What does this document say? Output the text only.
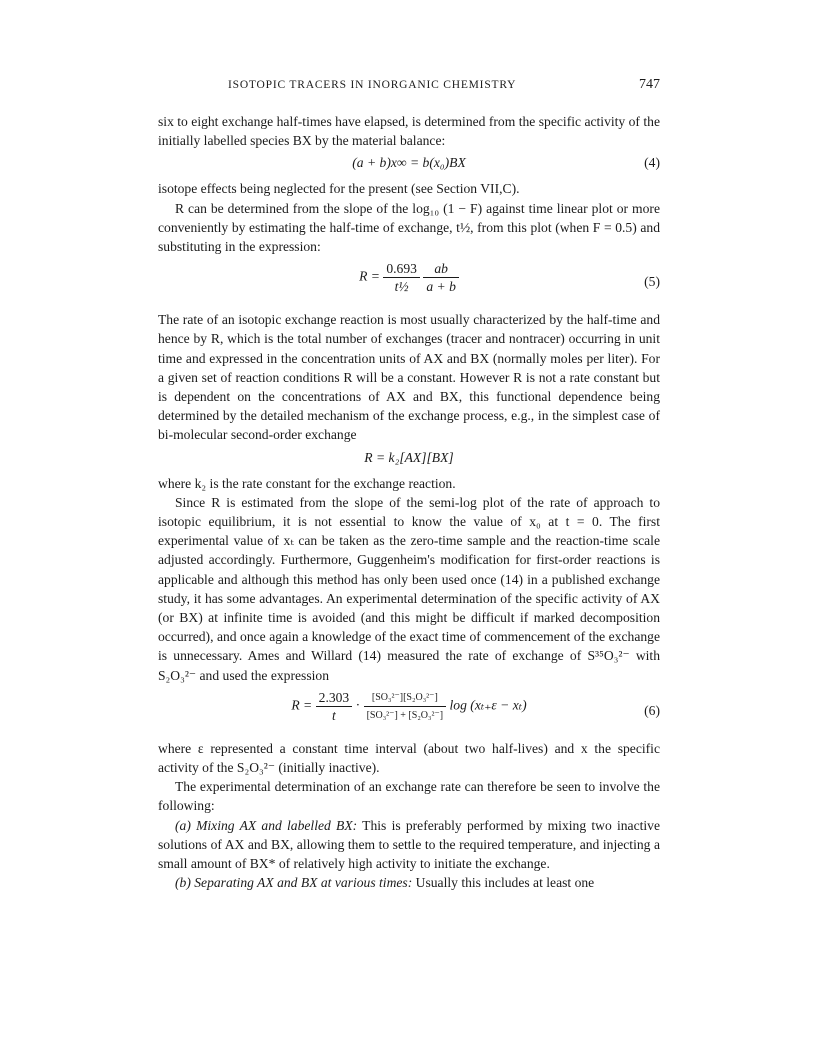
ISOTOPIC TRACERS IN INORGANIC CHEMISTRY	747

six to eight exchange half-times have elapsed, is determined from the specific activity of the initially labelled species BX by the material balance:

(a + b)x∞ = b(x₀)BX	(4)

isotope effects being neglected for the present (see Section VII,C).

R can be determined from the slope of the log₁₀ (1 − F) against time linear plot or more conveniently by estimating the half-time of exchange, t½, from this plot (when F = 0.5) and substituting in the expression:

$R = \frac{0.693}{\text{t½}}$
$\frac{ab}{a + b}$	(5)

The rate of an isotopic exchange reaction is most usually characterized by the half-time and hence by R, which is the total number of exchanges (tracer and nontracer) occurring in unit time and expressed in the concentration units of AX and BX (normally moles per liter). For a given set of reaction conditions R will be a constant. However R is not a rate constant but is dependent on the concentrations of AX and BX, this functional dependence being determined by the detailed mechanism of the exchange process, e.g., in the simplest case of bi-molecular second-order exchange

R = k₂[AX][BX]

where k₂ is the rate constant for the exchange reaction.

Since R is estimated from the slope of the semi-log plot of the rate of approach to isotopic equilibrium, it is not essential to know the value of x₀ at t = 0. The first experimental value of xₜ can be taken as the zero-time sample and the reaction-time scale adjusted accordingly. Furthermore, Guggenheim's modification for first-order reactions is applicable and although this method has only been used once (14) in a published exchange study, it has some advantages. An experimental determination of the specific activity of AX (or BX) at infinite time is avoided (and this might be difficult if marked decomposition occurred), and once again a knowledge of the exact time of commencement of the exchange is unnecessary. Ames and Willard (14) measured the rate of exchange of S³⁵O₃²⁻ with S₂O₃²⁻ and used the expression

$R = \frac{2.303}{t} \cdot \frac{\text{[SO₃²⁻][S₂O₃²⁻]}}{\text{[SO₃²⁻] + [S₂O₃²⁻]}}$ log (xₜ₊ε − xₜ)	(6)

where ε represented a constant time interval (about two half-lives) and x the specific activity of the S₂O₃²⁻ (initially inactive).

The experimental determination of an exchange rate can therefore be seen to involve the following:

(a) Mixing AX and labelled BX: This is preferably performed by mixing two inactive solutions of AX and BX, allowing them to settle to the required temperature, and injecting a small amount of BX* of relatively high activity to initiate the exchange.

(b) Separating AX and BX at various times: Usually this includes at least one
